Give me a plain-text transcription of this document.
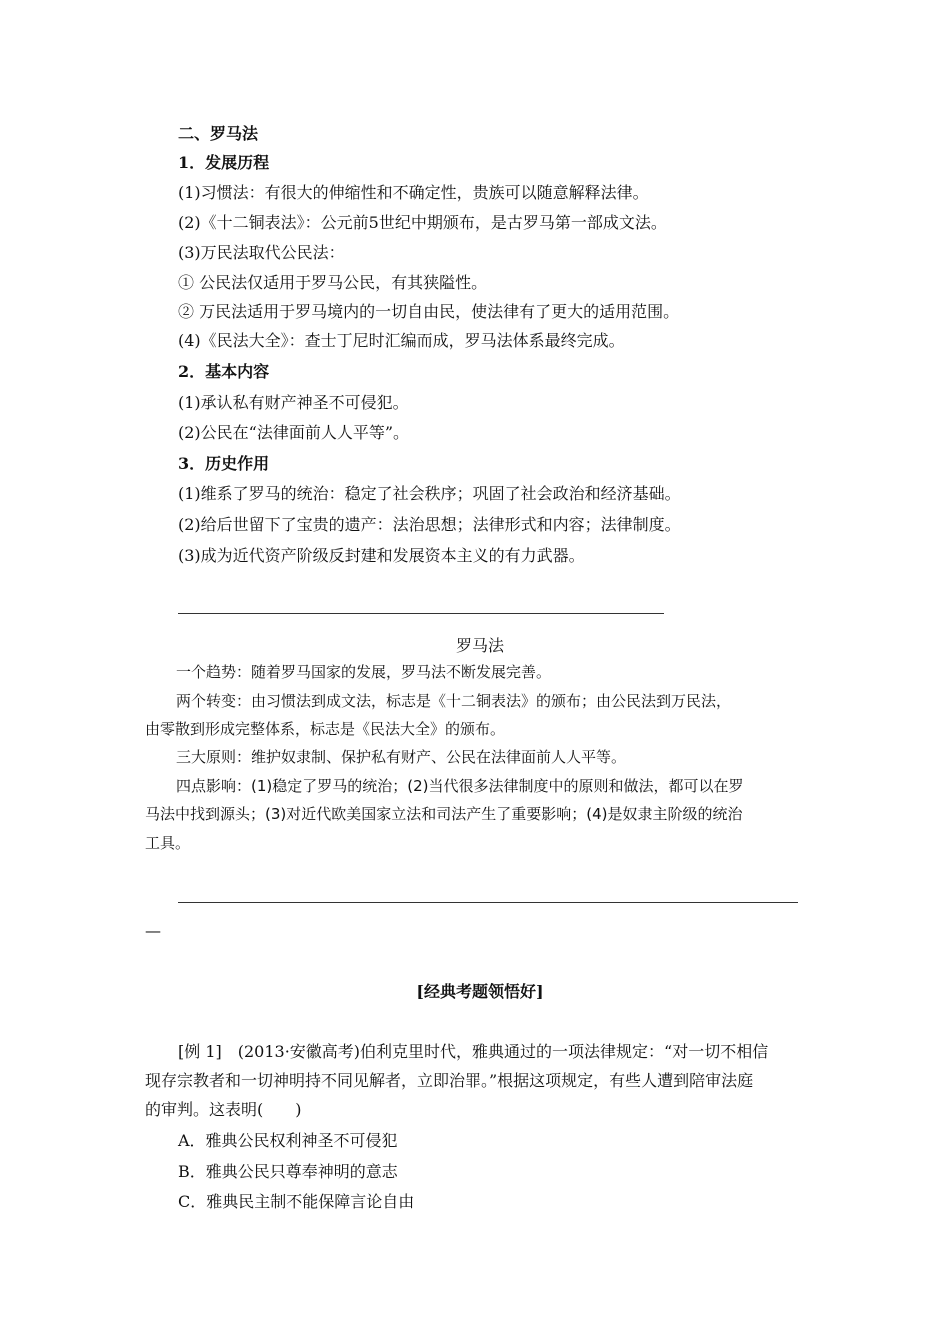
二、罗马法
1．发展历程
(1)习惯法：有很大的伸缩性和不确定性，贵族可以随意解释法律。
(2)《十二铜表法》：公元前5世纪中期颁布，是古罗马第一部成文法。
(3)万民法取代公民法：
① 公民法仅适用于罗马公民，有其狭隘性。
② 万民法适用于罗马境内的一切自由民，使法律有了更大的适用范围。
(4)《民法大全》：查士丁尼时汇编而成，罗马法体系最终完成。
2．基本内容
(1)承认私有财产神圣不可侵犯。
(2)公民在“法律面前人人平等”。
3．历史作用
(1)维系了罗马的统治：稳定了社会秩序；巩固了社会政治和经济基础。
(2)给后世留下了宝贵的遗产：法治思想；法律形式和内容；法律制度。
(3)成为近代资产阶级反封建和发展资本主义的有力武器。
罗马法
一个趋势：随着罗马国家的发展，罗马法不断发展完善。
两个转变：由习惯法到成文法，标志是《十二铜表法》的颁布；由公民法到万民法，
由零散到形成完整体系，标志是《民法大全》的颁布。
三大原则：维护奴隶制、保护私有财产、公民在法律面前人人平等。
四点影响：(1)稳定了罗马的统治；(2)当代很多法律制度中的原则和做法，都可以在罗
马法中找到源头；(3)对近代欧美国家立法和司法产生了重要影响；(4)是奴隶主阶级的统治
工具。
—
[经典考题领悟好]
[例 1]　(2013·安徽高考)伯利克里时代，雅典通过的一项法律规定：“对一切不相信
现存宗教者和一切神明持不同见解者，立即治罪。”根据这项规定，有些人遭到陪审法庭
的审判。这表明(　　)
A．雅典公民权利神圣不可侵犯
B．雅典公民只尊奉神明的意志
C．雅典民主制不能保障言论自由
